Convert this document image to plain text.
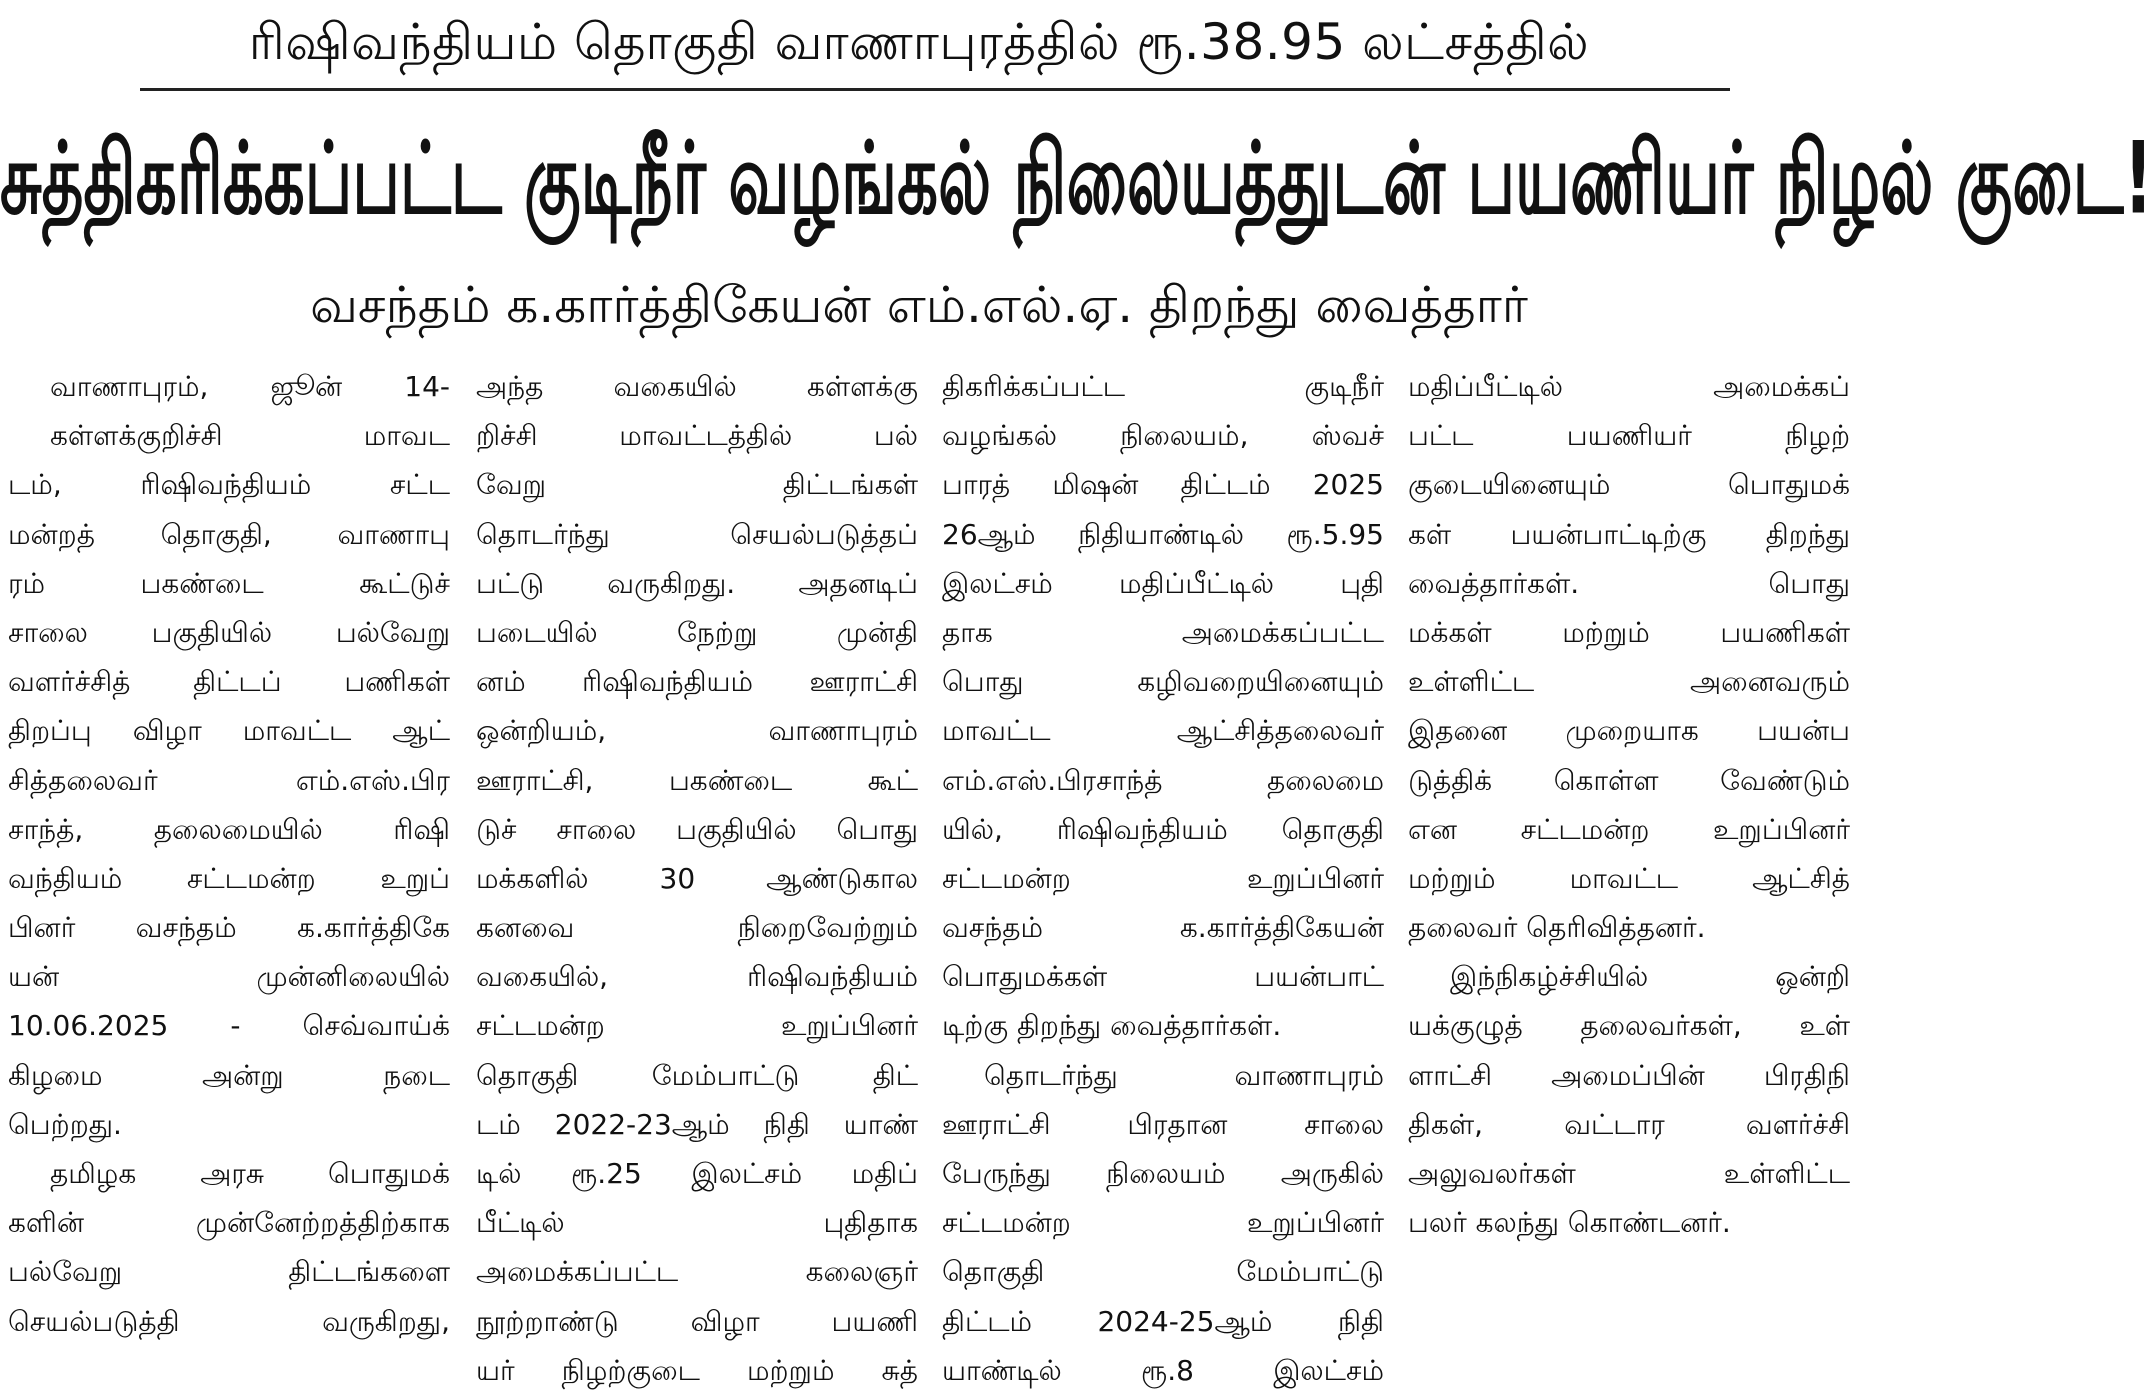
ரிஷிவந்தியம் தொகுதி வாணாபுரத்தில் ரூ.38.95 லட்சத்தில்
சுத்திகரிக்கப்பட்ட குடிநீர் வழங்கல் நிலையத்துடன் பயணியர் நிழல் குடை!
வசந்தம் க.கார்த்திகேயன் எம்.எல்.ஏ. திறந்து வைத்தார்
வாணாபுரம், ஜூன் 14-
கள்ளக்குறிச்சி மாவட
டம், ரிஷிவந்தியம் சட்ட
மன்றத் தொகுதி, வாணாபு
ரம் பகண்டை கூட்டுச்
சாலை பகுதியில் பல்வேறு
வளர்ச்சித் திட்டப் பணிகள்
திறப்பு விழா மாவட்ட ஆட்
சித்தலைவர் எம்.எஸ்.பிர
சாந்த், தலைமையில் ரிஷி
வந்தியம் சட்டமன்ற உறுப்
பினர் வசந்தம் க.கார்த்திகே
யன் முன்னிலையில்
10.06.2025 - செவ்வாய்க்
கிழமை அன்று நடை
பெற்றது.
தமிழக அரசு பொதுமக்
களின் முன்னேற்றத்திற்காக
பல்வேறு திட்டங்களை
செயல்படுத்தி வருகிறது,
அந்த வகையில் கள்ளக்கு
றிச்சி மாவட்டத்தில் பல்
வேறு திட்டங்கள்
தொடர்ந்து செயல்படுத்தப்
பட்டு வருகிறது. அதனடிப்
படையில் நேற்று முன்தி
னம் ரிஷிவந்தியம் ஊராட்சி
ஒன்றியம், வாணாபுரம்
ஊராட்சி, பகண்டை கூட்
டுச் சாலை பகுதியில் பொது
மக்களில் 30 ஆண்டுகால
கனவை நிறைவேற்றும்
வகையில், ரிஷிவந்தியம்
சட்டமன்ற உறுப்பினர்
தொகுதி மேம்பாட்டு திட்
டம் 2022-23ஆம் நிதி யாண்
டில் ரூ.25 இலட்சம் மதிப்
பீட்டில் புதிதாக
அமைக்கப்பட்ட கலைஞர்
நூற்றாண்டு விழா பயணி
யர் நிழற்குடை மற்றும் சுத்
திகரிக்கப்பட்ட குடிநீர்
வழங்கல் நிலையம், ஸ்வச்
பாரத் மிஷன் திட்டம் 2025
26ஆம் நிதியாண்டில் ரூ.5.95
இலட்சம் மதிப்பீட்டில் புதி
தாக அமைக்கப்பட்ட
பொது கழிவறையினையும்
மாவட்ட ஆட்சித்தலைவர்
எம்.எஸ்.பிரசாந்த் தலைமை
யில், ரிஷிவந்தியம் தொகுதி
சட்டமன்ற உறுப்பினர்
வசந்தம் க.கார்த்திகேயன்
பொதுமக்கள் பயன்பாட்
டிற்கு திறந்து வைத்தார்கள்.
தொடர்ந்து வாணாபுரம்
ஊராட்சி பிரதான சாலை
பேருந்து நிலையம் அருகில்
சட்டமன்ற உறுப்பினர்
தொகுதி மேம்பாட்டு
திட்டம் 2024-25ஆம் நிதி
யாண்டில் ரூ.8 இலட்சம்
மதிப்பீட்டில் அமைக்கப்
பட்ட பயணியர் நிழற்
குடையினையும் பொதுமக்
கள் பயன்பாட்டிற்கு திறந்து
வைத்தார்கள். பொது
மக்கள் மற்றும் பயணிகள்
உள்ளிட்ட அனைவரும்
இதனை முறையாக பயன்ப
டுத்திக் கொள்ள வேண்டும்
என சட்டமன்ற உறுப்பினர்
மற்றும் மாவட்ட ஆட்சித்
தலைவர் தெரிவித்தனர்.
இந்நிகழ்ச்சியில் ஒன்றி
யக்குழுத் தலைவர்கள், உள்
ளாட்சி அமைப்பின் பிரதிநி
திகள், வட்டார வளர்ச்சி
அலுவலர்கள் உள்ளிட்ட
பலர் கலந்து கொண்டனர்.
